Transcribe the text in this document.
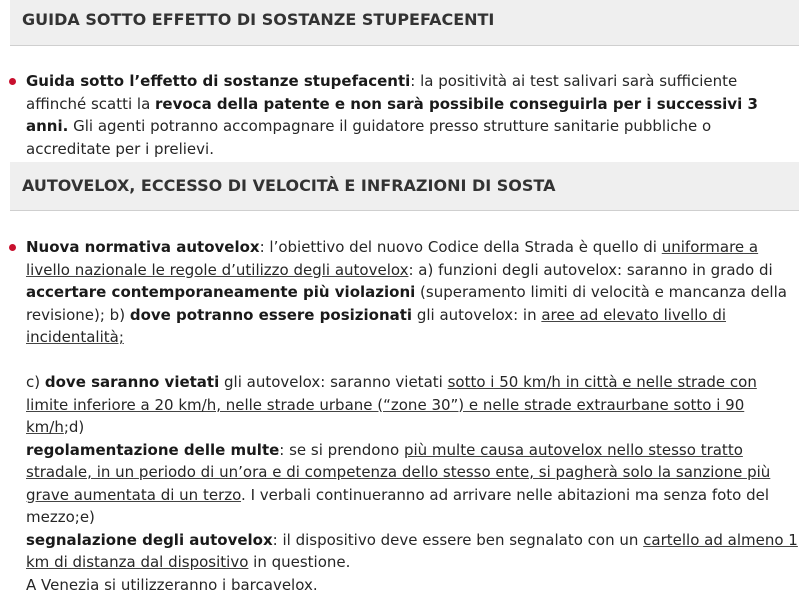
GUIDA SOTTO EFFETTO DI SOSTANZE STUPEFACENTI
Guida sotto l’effetto di sostanze stupefacenti: la positività ai test salivari sarà sufficiente affinché scatti la revoca della patente e non sarà possibile conseguirla per i successivi 3 anni. Gli agenti potranno accompagnare il guidatore presso strutture sanitarie pubbliche o accreditate per i prelievi.
AUTOVELOX, ECCESSO DI VELOCITÀ E INFRAZIONI DI SOSTA
Nuova normativa autovelox: l’obiettivo del nuovo Codice della Strada è quello di uniformare a livello nazionale le regole d’utilizzo degli autovelox: a) funzioni degli autovelox: saranno in grado di accertare contemporaneamente più violazioni (superamento limiti di velocità e mancanza della revisione); b) dove potranno essere posizionati gli autovelox: in aree ad elevato livello di incidentalità;
c) dove saranno vietati gli autovelox: saranno vietati sotto i 50 km/h in città e nelle strade con limite inferiore a 20 km/h, nelle strade urbane (“zone 30”) e nelle strade extraurbane sotto i 90 km/h;d)
regolamentazione delle multe: se si prendono più multe causa autovelox nello stesso tratto stradale, in un periodo di un’ora e di competenza dello stesso ente, si pagherà solo la sanzione più grave aumentata di un terzo. I verbali continueranno ad arrivare nelle abitazioni ma senza foto del mezzo;e)
segnalazione degli autovelox: il dispositivo deve essere ben segnalato con un cartello ad almeno 1 km di distanza dal dispositivo in questione.
A Venezia si utilizzeranno i barcavelox.
